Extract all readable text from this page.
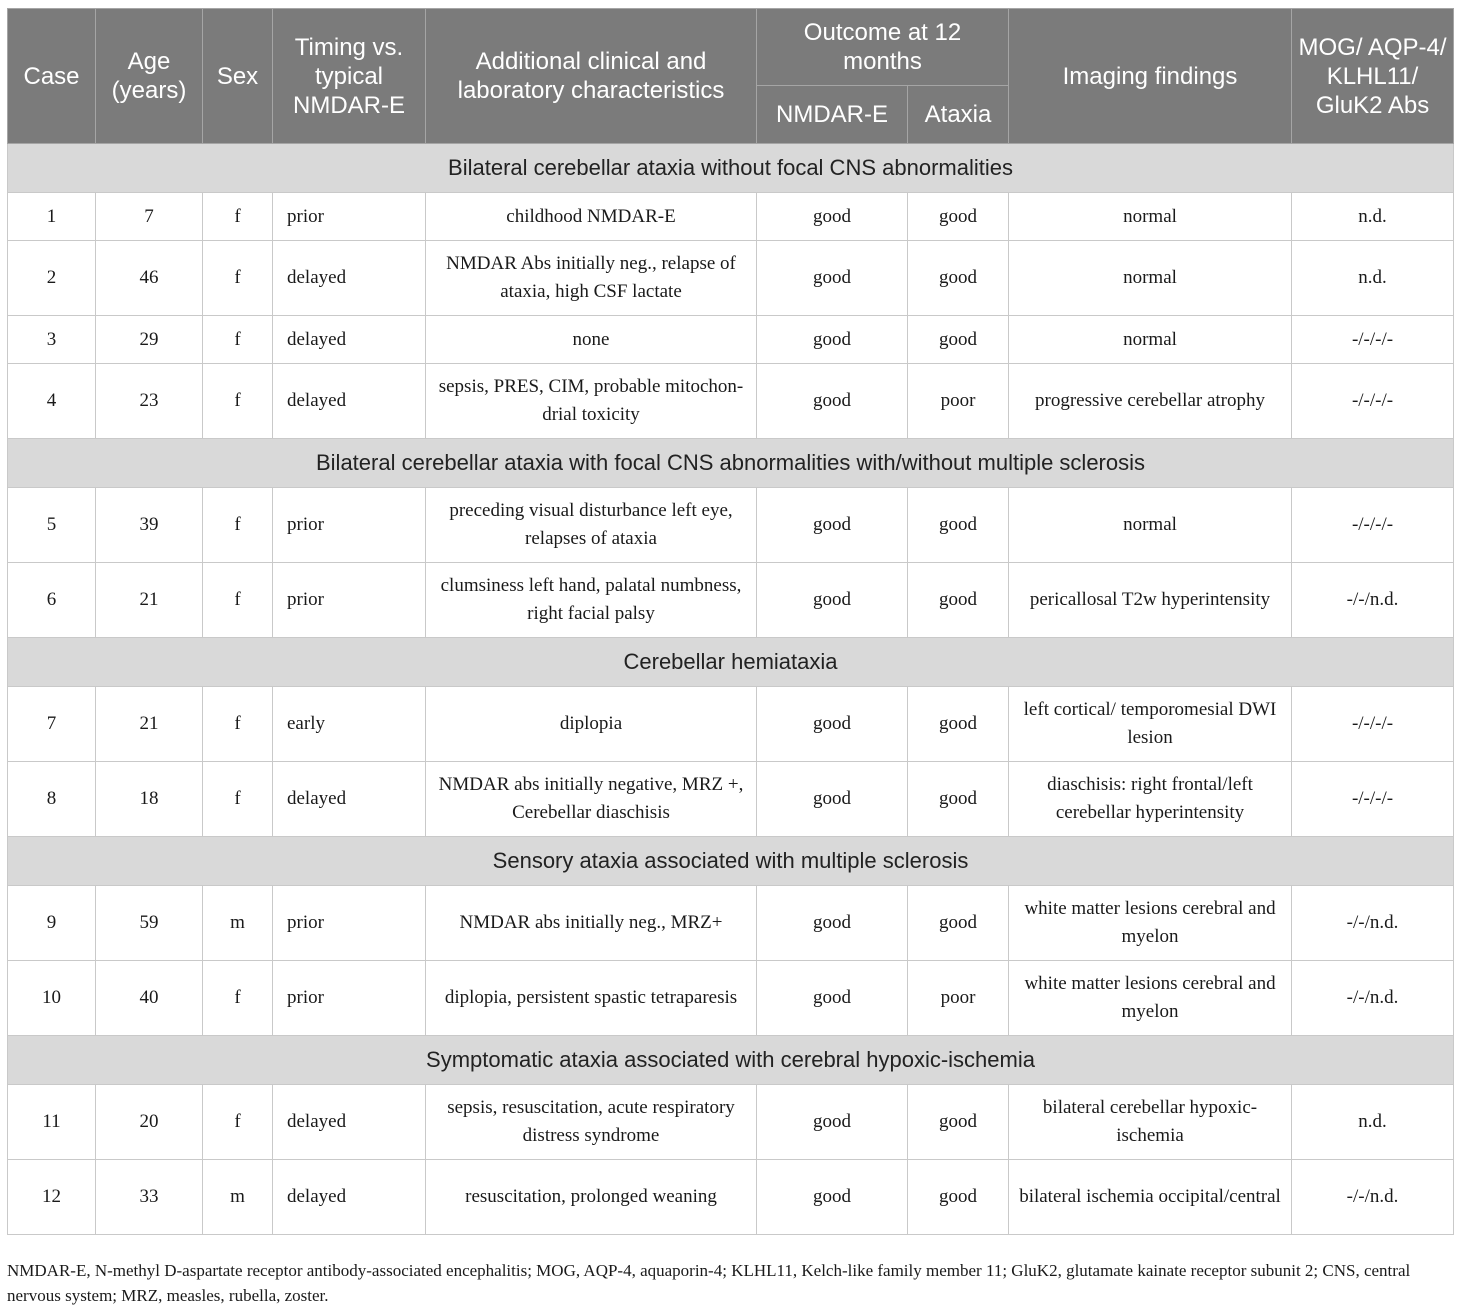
Case	Age (years)	Sex	Timing vs. typical NMDAR-E	Additional clinical and laboratory characteristics	Outcome at 12 months		Imaging findings	MOG/ AQP-4/ KLHL11/ GluK2 Abs
					NMDAR-E	Ataxia		
Bilateral cerebellar ataxia without focal CNS abnormalities								
1	7	f	prior	childhood NMDAR-E	good	good	normal	n.d.
2	46	f	delayed	NMDAR Abs initially neg., relapse of ataxia, high CSF lactate	good	good	normal	n.d.
3	29	f	delayed	none	good	good	normal	-/-/-/-
4	23	f	delayed	sepsis, PRES, CIM, probable mitochon-drial toxicity	good	poor	progressive cerebellar atrophy	-/-/-/-
Bilateral cerebellar ataxia with focal CNS abnormalities with/without multiple sclerosis								
5	39	f	prior	preceding visual disturbance left eye, relapses of ataxia	good	good	normal	-/-/-/-
6	21	f	prior	clumsiness left hand, palatal numbness, right facial palsy	good	good	pericallosal T2w hyperintensity	-/-/n.d.
Cerebellar hemiataxia								
7	21	f	early	diplopia	good	good	left cortical/ temporomesial DWI lesion	-/-/-/-
8	18	f	delayed	NMDAR abs initially negative, MRZ +, Cerebellar diaschisis	good	good	diaschisis: right frontal/left cerebellar hyperintensity	-/-/-/-
Sensory ataxia associated with multiple sclerosis								
9	59	m	prior	NMDAR abs initially neg., MRZ+	good	good	white matter lesions cerebral and myelon	-/-/n.d.
10	40	f	prior	diplopia, persistent spastic tetraparesis	good	poor	white matter lesions cerebral and myelon	-/-/n.d.
Symptomatic ataxia associated with cerebral hypoxic-ischemia								
11	20	f	delayed	sepsis, resuscitation, acute respiratory distress syndrome	good	good	bilateral cerebellar hypoxic-ischemia	n.d.
12	33	m	delayed	resuscitation, prolonged weaning	good	good	bilateral ischemia occipital/central	-/-/n.d.
NMDAR-E, N-methyl D-aspartate receptor antibody-associated encephalitis; MOG, AQP-4, aquaporin-4; KLHL11, Kelch-like family member 11; GluK2, glutamate kainate receptor subunit 2; CNS, central nervous system; MRZ, measles, rubella, zoster.
